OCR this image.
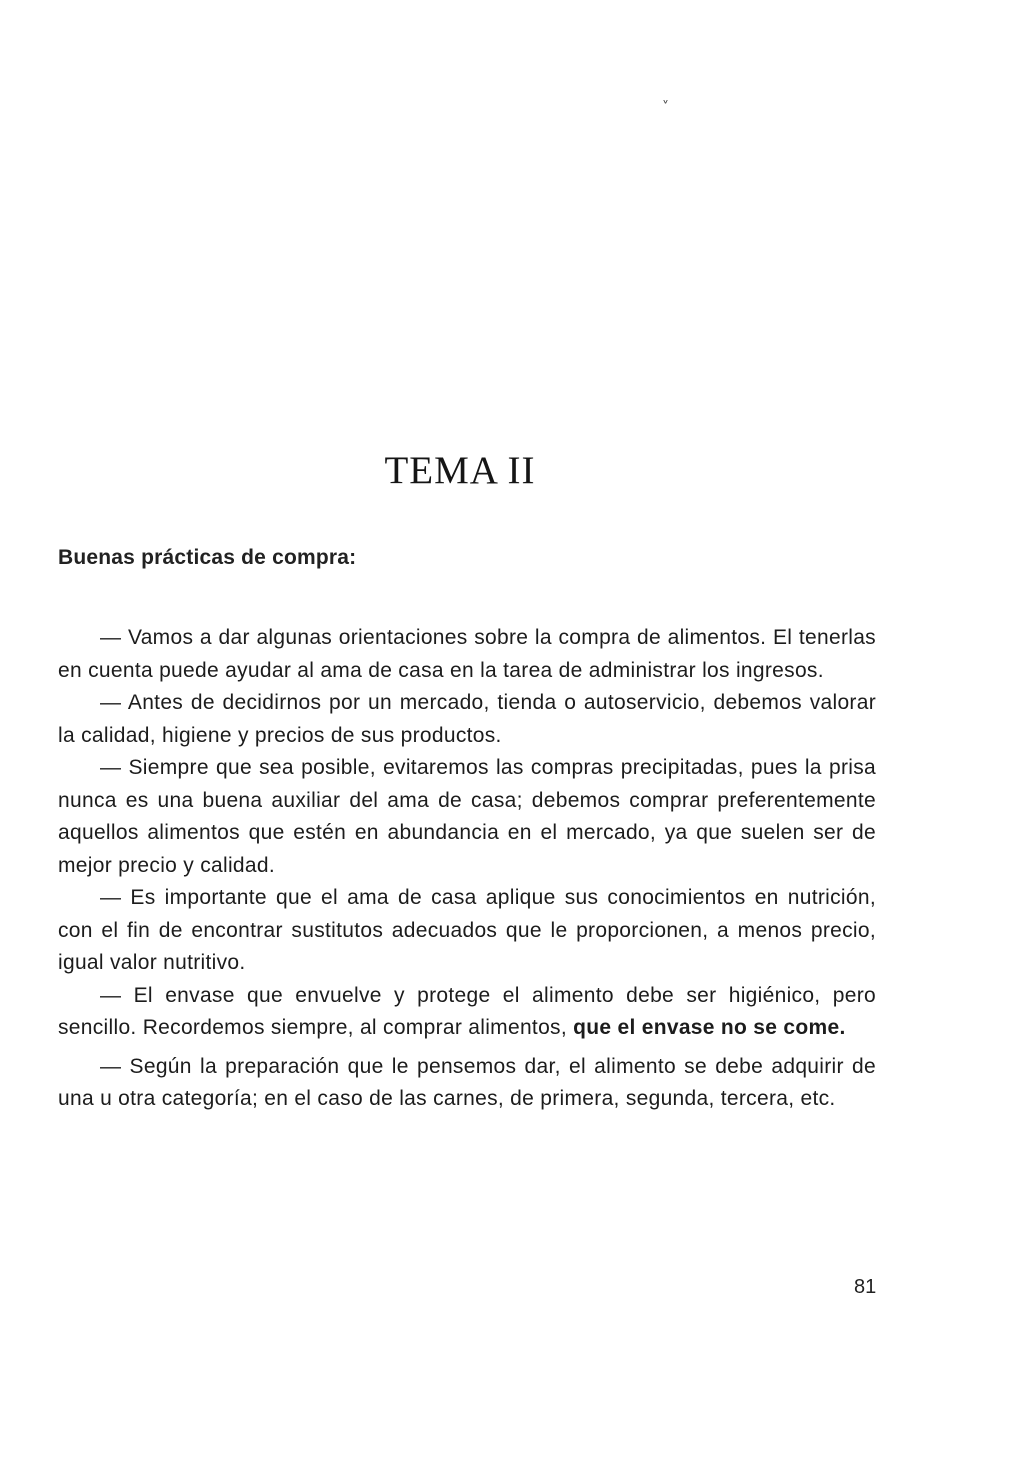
ˬ
TEMA II
Buenas prácticas de compra:

— Vamos a dar algunas orientaciones sobre la compra de alimentos. El tenerlas en cuenta puede ayudar al ama de casa en la tarea de administrar los ingresos.

— Antes de decidirnos por un mercado, tienda o autoservicio, debemos valorar la calidad, higiene y precios de sus productos.

— Siempre que sea posible, evitaremos las compras precipitadas, pues la prisa nunca es una buena auxiliar del ama de casa; debemos comprar preferentemente aquellos alimentos que estén en abundancia en el mercado, ya que suelen ser de mejor precio y calidad.

— Es importante que el ama de casa aplique sus conocimientos en nutrición, con el fin de encontrar sustitutos adecuados que le proporcionen, a menos precio, igual valor nutritivo.

— El envase que envuelve y protege el alimento debe ser higiénico, pero sencillo. Recordemos siempre, al comprar alimentos, que el envase no se come.

— Según la preparación que le pensemos dar, el alimento se debe adquirir de una u otra categoría; en el caso de las carnes, de primera, segunda, tercera, etc.

81
